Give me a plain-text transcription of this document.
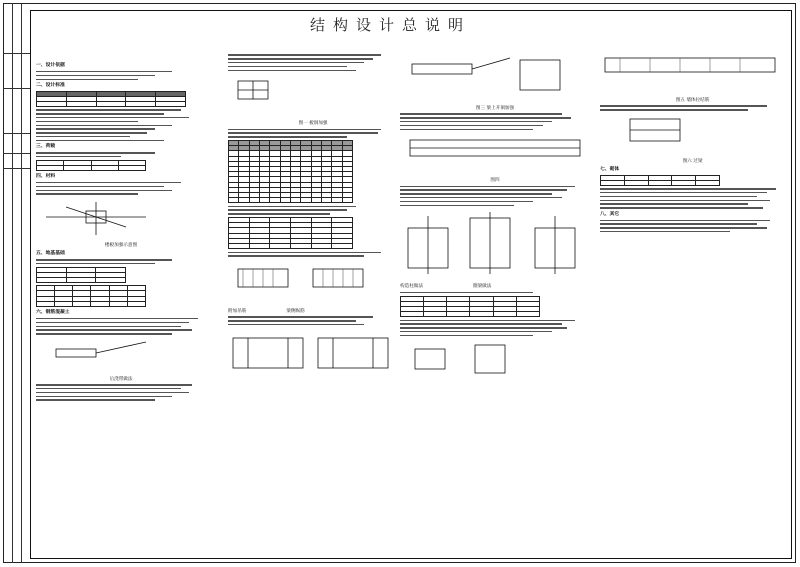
结构设计总说明
一、设计依据
二、设计标准

三、荷载

四、材料
楼板加强示意图
五、地基基础

六、钢筋混凝土
后浇带做法
图一 板洞加强

附加吊筋	梁侧纵筋
图三 梁上开洞加强
图四
构造柱做法	圈梁做法

图五 墙体拉结筋
图六 过梁
七、砌体

八、其它
